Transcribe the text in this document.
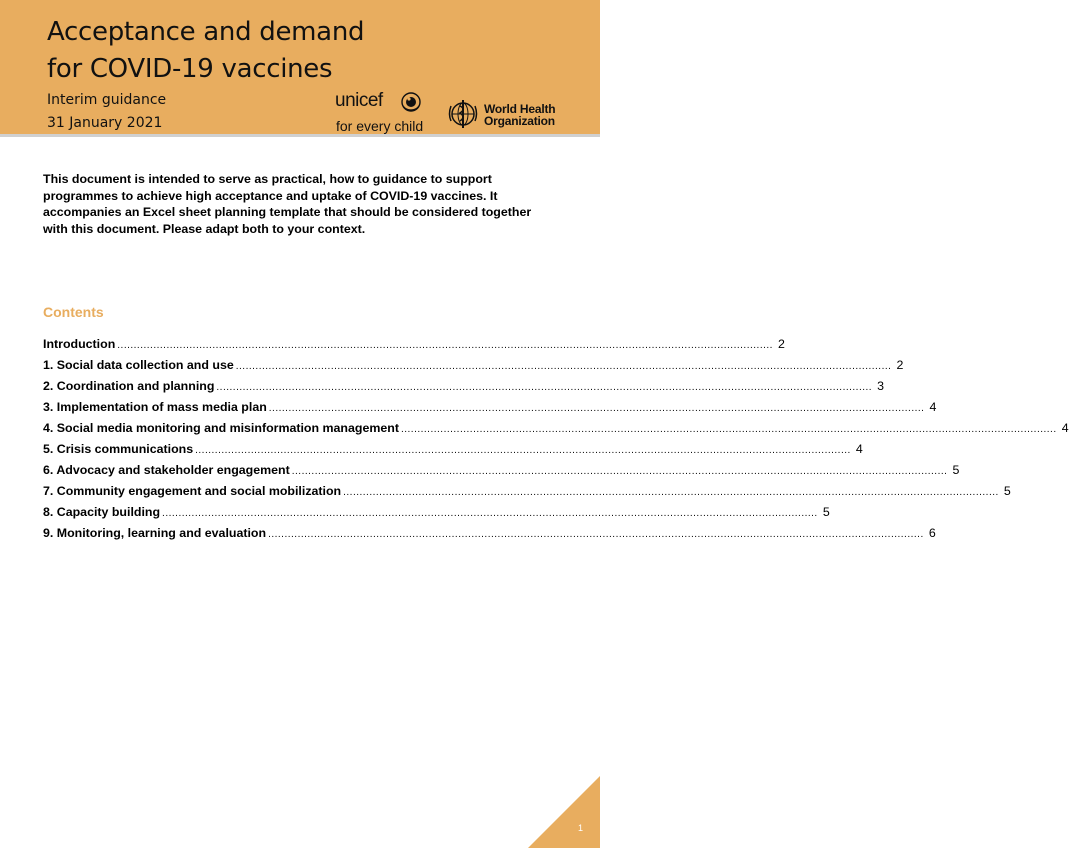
Acceptance and demand for COVID-19 vaccines
Interim guidance
31 January 2021
unicef
for every child
World Health
Organization

This document is intended to serve as practical, how to guidance to support programmes to achieve high acceptance and uptake of COVID-19 vaccines. It accompanies an Excel sheet planning template that should be considered together with this document. Please adapt both to your context.

Contents
Introduction ........................................................................................................................................................................................................ 2
1. Social data collection and use ........................................................................................................................................................................................................ 2
2. Coordination and planning ........................................................................................................................................................................................................ 3
3. Implementation of mass media plan ........................................................................................................................................................................................................ 4
4. Social media monitoring and misinformation management ........................................................................................................................................................................................................ 4
5. Crisis communications ........................................................................................................................................................................................................ 4
6. Advocacy and stakeholder engagement ........................................................................................................................................................................................................ 5
7. Community engagement and social mobilization ........................................................................................................................................................................................................ 5
8. Capacity building ........................................................................................................................................................................................................ 5
9. Monitoring, learning and evaluation ........................................................................................................................................................................................................ 6
1
